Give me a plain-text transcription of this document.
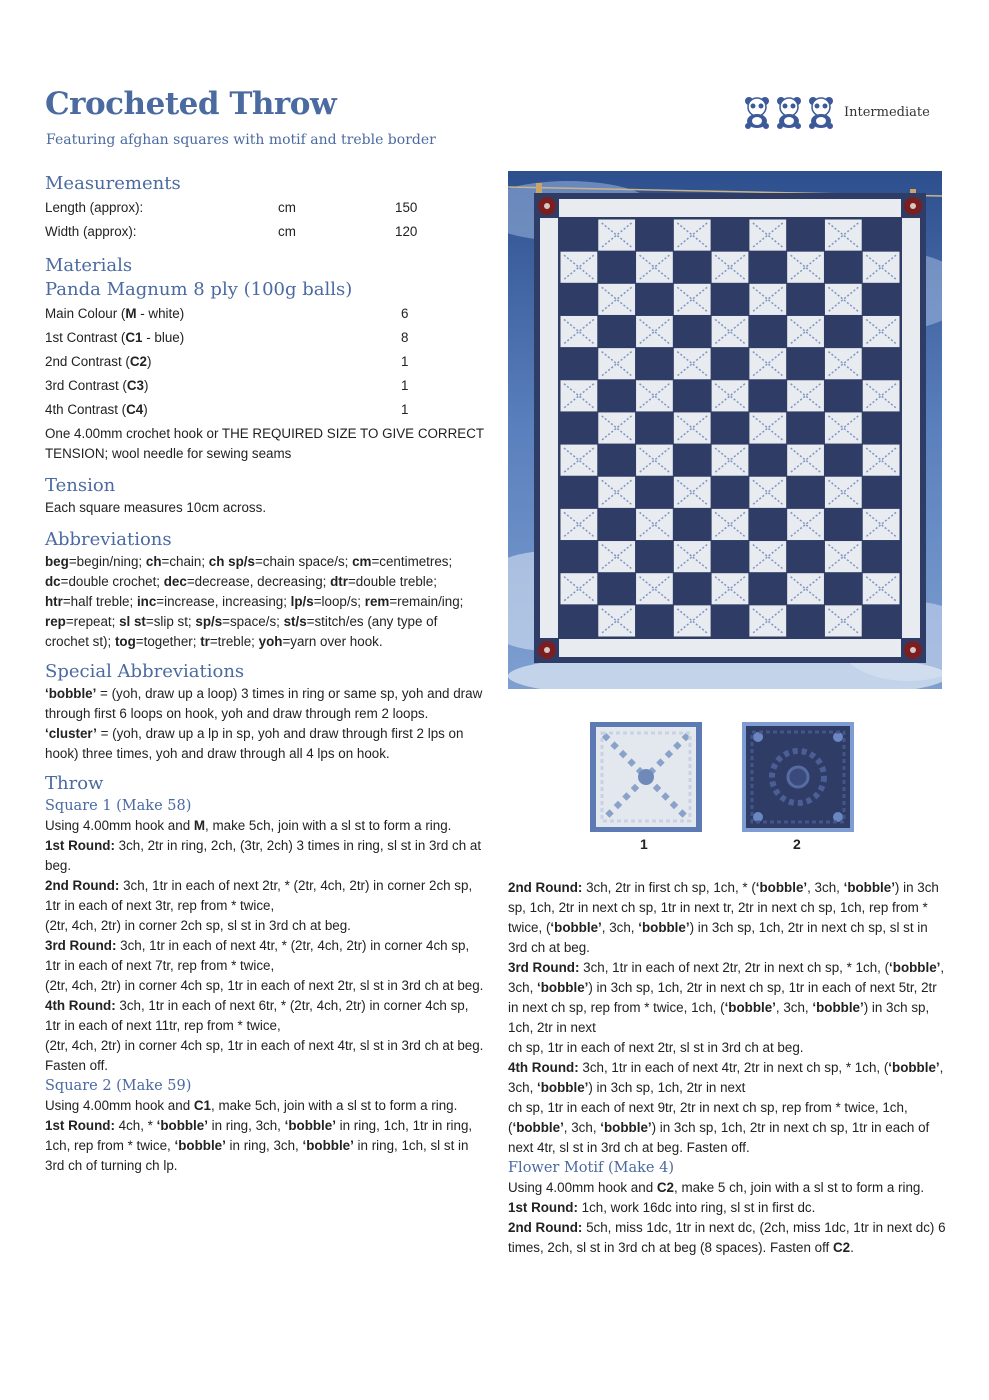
Crocheted Throw
Featuring afghan squares with motif and treble border
Intermediate
Measurements
Length (approx):	cm	150
Width (approx):	cm	120
Materials
Panda Magnum 8 ply (100g balls)
Main Colour (M - white)	6
1st Contrast (C1 - blue)	8
2nd Contrast (C2)	1
3rd Contrast (C3)	1
4th Contrast (C4)	1

One 4.00mm crochet hook or THE REQUIRED SIZE TO GIVE CORRECT TENSION; wool needle for sewing seams

Tension

Each square measures 10cm across.

Abbreviations

beg=begin/ning; ch=chain; ch sp/s=chain space/s; cm=centimetres; dc=double crochet; dec=decrease, decreasing; dtr=double treble; htr=half treble; inc=increase, increasing; lp/s=loop/s; rem=remain/ing; rep=repeat; sl st=slip st; sp/s=space/s; st/s=stitch/es (any type of crochet st); tog=together; tr=treble; yoh=yarn over hook.

Special Abbreviations

‘bobble’ = (yoh, draw up a loop) 3 times in ring or same sp, yoh and draw through first 6 loops on hook, yoh and draw through rem 2 loops.

‘cluster’ = (yoh, draw up a lp in sp, yoh and draw through first 2 lps on hook) three times, yoh and draw through all 4 lps on hook.

Throw
Square 1 (Make 58)

Using 4.00mm hook and M, make 5ch, join with a sl st to form a ring.

1st Round: 3ch, 2tr in ring, 2ch, (3tr, 2ch) 3 times in ring, sl st in 3rd ch at beg.

2nd Round: 3ch, 1tr in each of next 2tr, * (2tr, 4ch, 2tr) in corner 2ch sp, 1tr in each of next 3tr, rep from * twice,
(2tr, 4ch, 2tr) in corner 2ch sp, sl st in 3rd ch at beg.

3rd Round: 3ch, 1tr in each of next 4tr, * (2tr, 4ch, 2tr) in corner 4ch sp, 1tr in each of next 7tr, rep from * twice,
(2tr, 4ch, 2tr) in corner 4ch sp, 1tr in each of next 2tr, sl st in 3rd ch at beg.

4th Round: 3ch, 1tr in each of next 6tr, * (2tr, 4ch, 2tr) in corner 4ch sp, 1tr in each of next 11tr, rep from * twice,
(2tr, 4ch, 2tr) in corner 4ch sp, 1tr in each of next 4tr, sl st in 3rd ch at beg.

Fasten off.

Square 2 (Make 59)

Using 4.00mm hook and C1, make 5ch, join with a sl st to form a ring.

1st Round: 4ch, * ‘bobble’ in ring, 3ch, ‘bobble’ in ring, 1ch, 1tr in ring, 1ch, rep from * twice, ‘bobble’ in ring, 3ch, ‘bobble’ in ring, 1ch, sl st in 3rd ch of turning ch lp.

1	2

2nd Round: 3ch, 2tr in first ch sp, 1ch, * (‘bobble’, 3ch, ‘bobble’) in 3ch sp, 1ch, 2tr in next ch sp, 1tr in next tr, 2tr in next ch sp, 1ch, rep from * twice, (‘bobble’, 3ch, ‘bobble’) in 3ch sp, 1ch, 2tr in next ch sp, sl st in 3rd ch at beg.

3rd Round: 3ch, 1tr in each of next 2tr, 2tr in next ch sp, * 1ch, (‘bobble’, 3ch, ‘bobble’) in 3ch sp, 1ch, 2tr in next ch sp, 1tr in each of next 5tr, 2tr in next ch sp, rep from * twice, 1ch, (‘bobble’, 3ch, ‘bobble’) in 3ch sp, 1ch, 2tr in next
ch sp, 1tr in each of next 2tr, sl st in 3rd ch at beg.

4th Round: 3ch, 1tr in each of next 4tr, 2tr in next ch sp, * 1ch, (‘bobble’, 3ch, ‘bobble’) in 3ch sp, 1ch, 2tr in next
ch sp, 1tr in each of next 9tr, 2tr in next ch sp, rep from * twice, 1ch, (‘bobble’, 3ch, ‘bobble’) in 3ch sp, 1ch, 2tr in next ch sp, 1tr in each of next 4tr, sl st in 3rd ch at beg. Fasten off.

Flower Motif (Make 4)

Using 4.00mm hook and C2, make 5 ch, join with a sl st to form a ring.

1st Round: 1ch, work 16dc into ring, sl st in first dc.

2nd Round: 5ch, miss 1dc, 1tr in next dc, (2ch, miss 1dc, 1tr in next dc) 6 times, 2ch, sl st in 3rd ch at beg (8 spaces). Fasten off C2.
